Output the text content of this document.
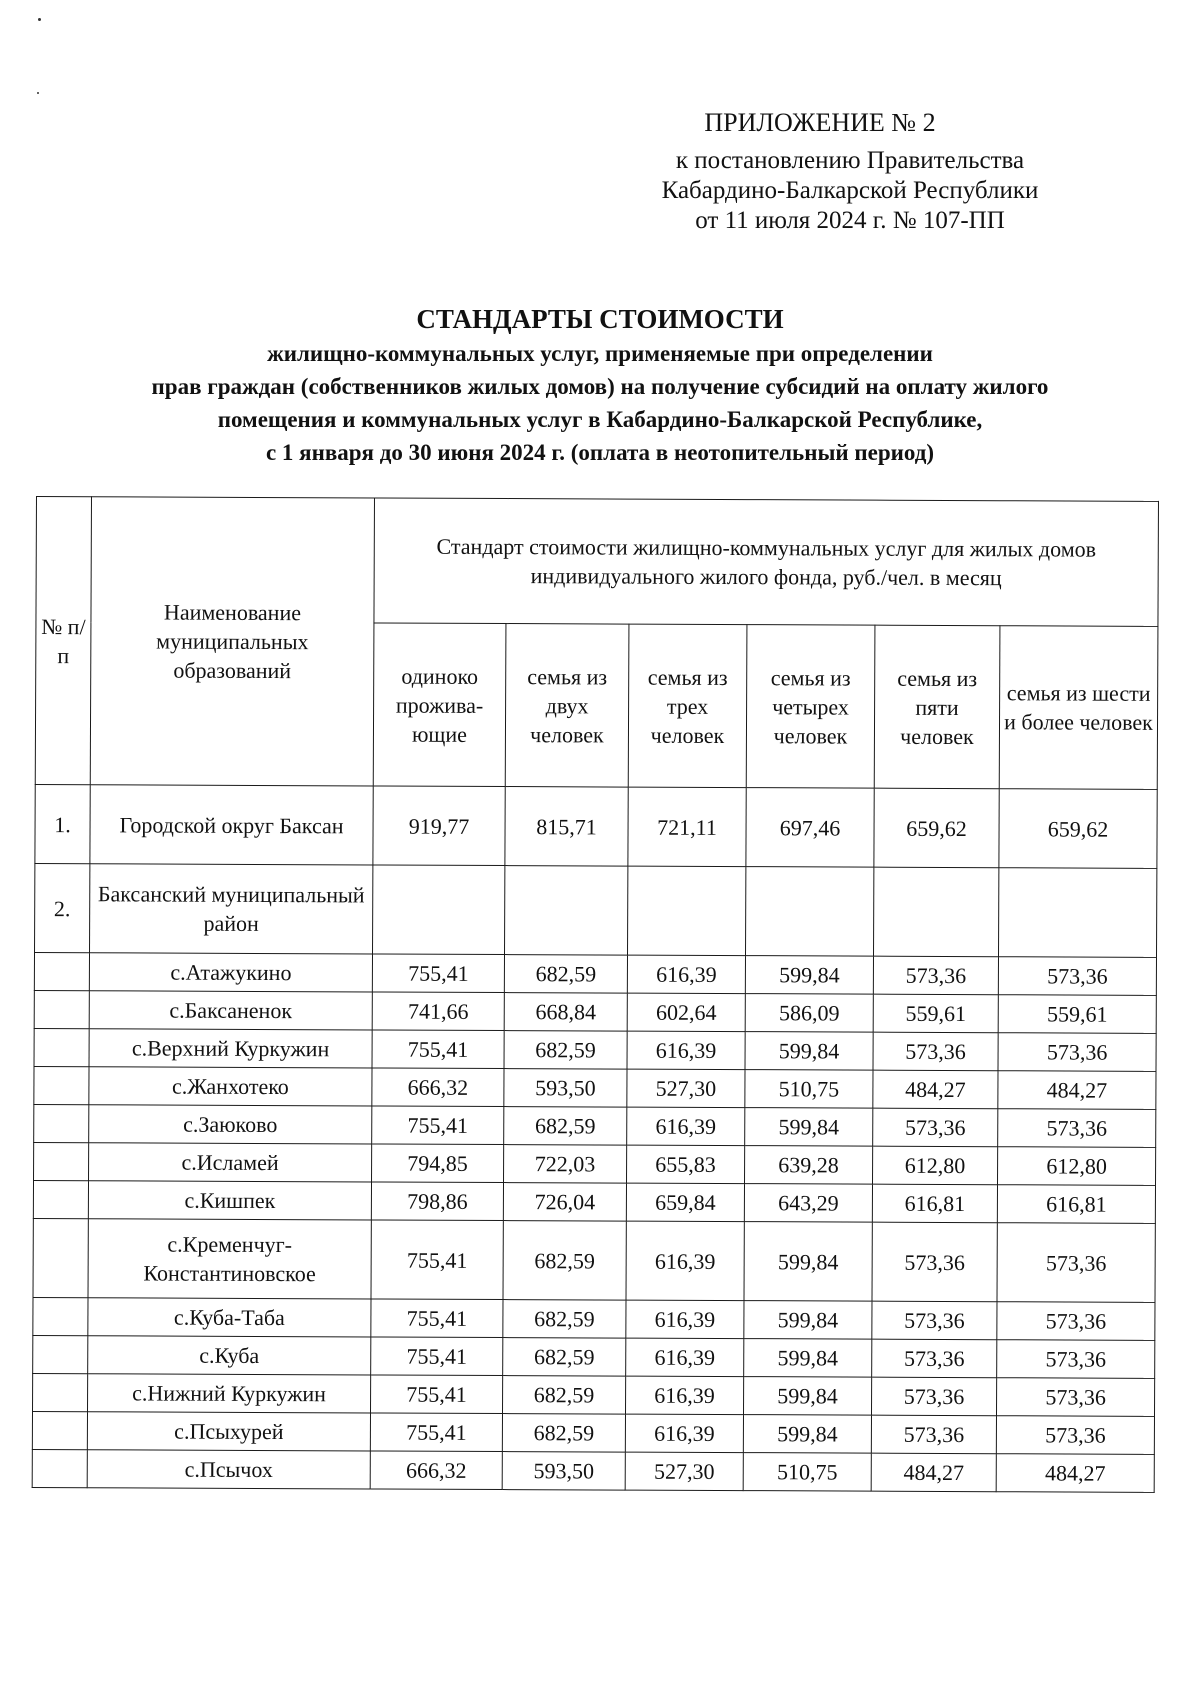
ПРИЛОЖЕНИЕ № 2
к постановлению Правительства
Кабардино-Балкарской Республики
от 11 июля 2024 г. № 107-ПП
СТАНДАРТЫ СТОИМОСТИ
жилищно-коммунальных услуг, применяемые при определении
прав граждан (собственников жилых домов) на получение субсидий на оплату жилого
помещения и коммунальных услуг в Кабардино-Балкарской Республике,
с 1 января до 30 июня 2024 г. (оплата в неотопительный период)
№ п/п	Наименование муниципальных образований	Стандарт стоимости жилищно-коммунальных услуг для жилых домов индивидуального жилого фонда, руб./чел. в месяц					
		одиноко прожива-ющие	семья из двух человек	семья из трех человек	семья из четырех человек	семья из пяти человек	семья из шести и более человек
1.	Городской округ Баксан	919,77	815,71	721,11	697,46	659,62	659,62
2.	Баксанский муниципальный район						
	с.Атажукино	755,41	682,59	616,39	599,84	573,36	573,36
	с.Баксаненок	741,66	668,84	602,64	586,09	559,61	559,61
	с.Верхний Куркужин	755,41	682,59	616,39	599,84	573,36	573,36
	с.Жанхотеко	666,32	593,50	527,30	510,75	484,27	484,27
	с.Заюково	755,41	682,59	616,39	599,84	573,36	573,36
	с.Исламей	794,85	722,03	655,83	639,28	612,80	612,80
	с.Кишпек	798,86	726,04	659,84	643,29	616,81	616,81
	с.Кременчуг-Константиновское	755,41	682,59	616,39	599,84	573,36	573,36
	с.Куба-Таба	755,41	682,59	616,39	599,84	573,36	573,36
	с.Куба	755,41	682,59	616,39	599,84	573,36	573,36
	с.Нижний Куркужин	755,41	682,59	616,39	599,84	573,36	573,36
	с.Псыхурей	755,41	682,59	616,39	599,84	573,36	573,36
	с.Псычох	666,32	593,50	527,30	510,75	484,27	484,27
